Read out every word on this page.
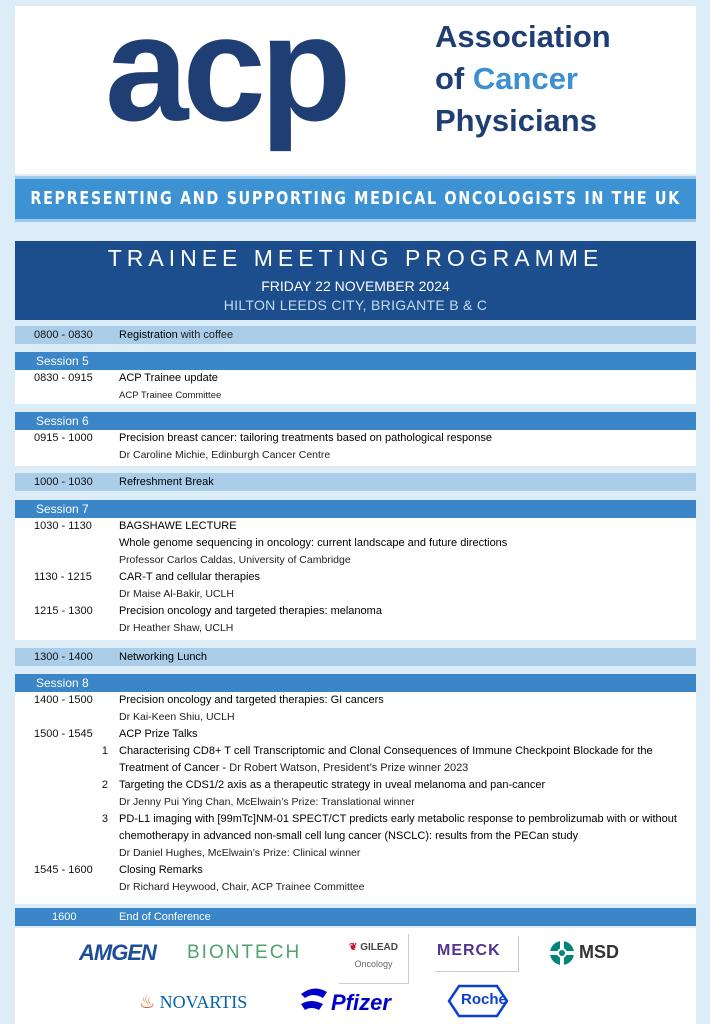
acp	Association
of Cancer
Physicians
REPRESENTING AND SUPPORTING MEDICAL ONCOLOGISTS IN THE UK
TRAINEE MEETING PROGRAMME
FRIDAY 22 NOVEMBER 2024
HILTON LEEDS CITY, BRIGANTE B & C
0800 - 0830	Registration with coffee
Session 5
0830 - 0915	ACP Trainee update
ACP Trainee Committee
Session 6
0915 - 1000	Precision breast cancer: tailoring treatments based on pathological response
Dr Caroline Michie, Edinburgh Cancer Centre
1000 - 1030	Refreshment Break
Session 7
1030 - 1130	BAGSHAWE LECTURE
Whole genome sequencing in oncology: current landscape and future directions
Professor Carlos Caldas, University of Cambridge
1130 - 1215	CAR-T and cellular therapies
Dr Maise Al-Bakir, UCLH
1215 - 1300	Precision oncology and targeted therapies: melanoma
Dr Heather Shaw, UCLH
1300 - 1400	Networking Lunch
Session 8
1400 - 1500	Precision oncology and targeted therapies: GI cancers
Dr Kai-Keen Shiu, UCLH
1500 - 1545	ACP Prize Talks
1 Characterising CD8+ T cell Transcriptomic and Clonal Consequences of Immune Checkpoint Blockade for the Treatment of Cancer - Dr Robert Watson, President’s Prize winner 2023
2 Targeting the CDS1/2 axis as a therapeutic strategy in uveal melanoma and pan-cancer
Dr Jenny Pui Ying Chan, McElwain’s Prize: Translational winner
3 PD-L1 imaging with [99mTc]NM-01 SPECT/CT predicts early metabolic response to pembrolizumab with or without chemotherapy in advanced non-small cell lung cancer (NSCLC): results from the PECan study
Dr Daniel Hughes, McElwain’s Prize: Clinical winner
1545 - 1600	Closing Remarks
Dr Richard Heywood, Chair, ACP Trainee Committee
1600	End of Conference
AMGEN BIONTECH	❦ GILEAD
Oncology
MERCK	MSD
♨ NOVARTIS	Pfizer	Roche
